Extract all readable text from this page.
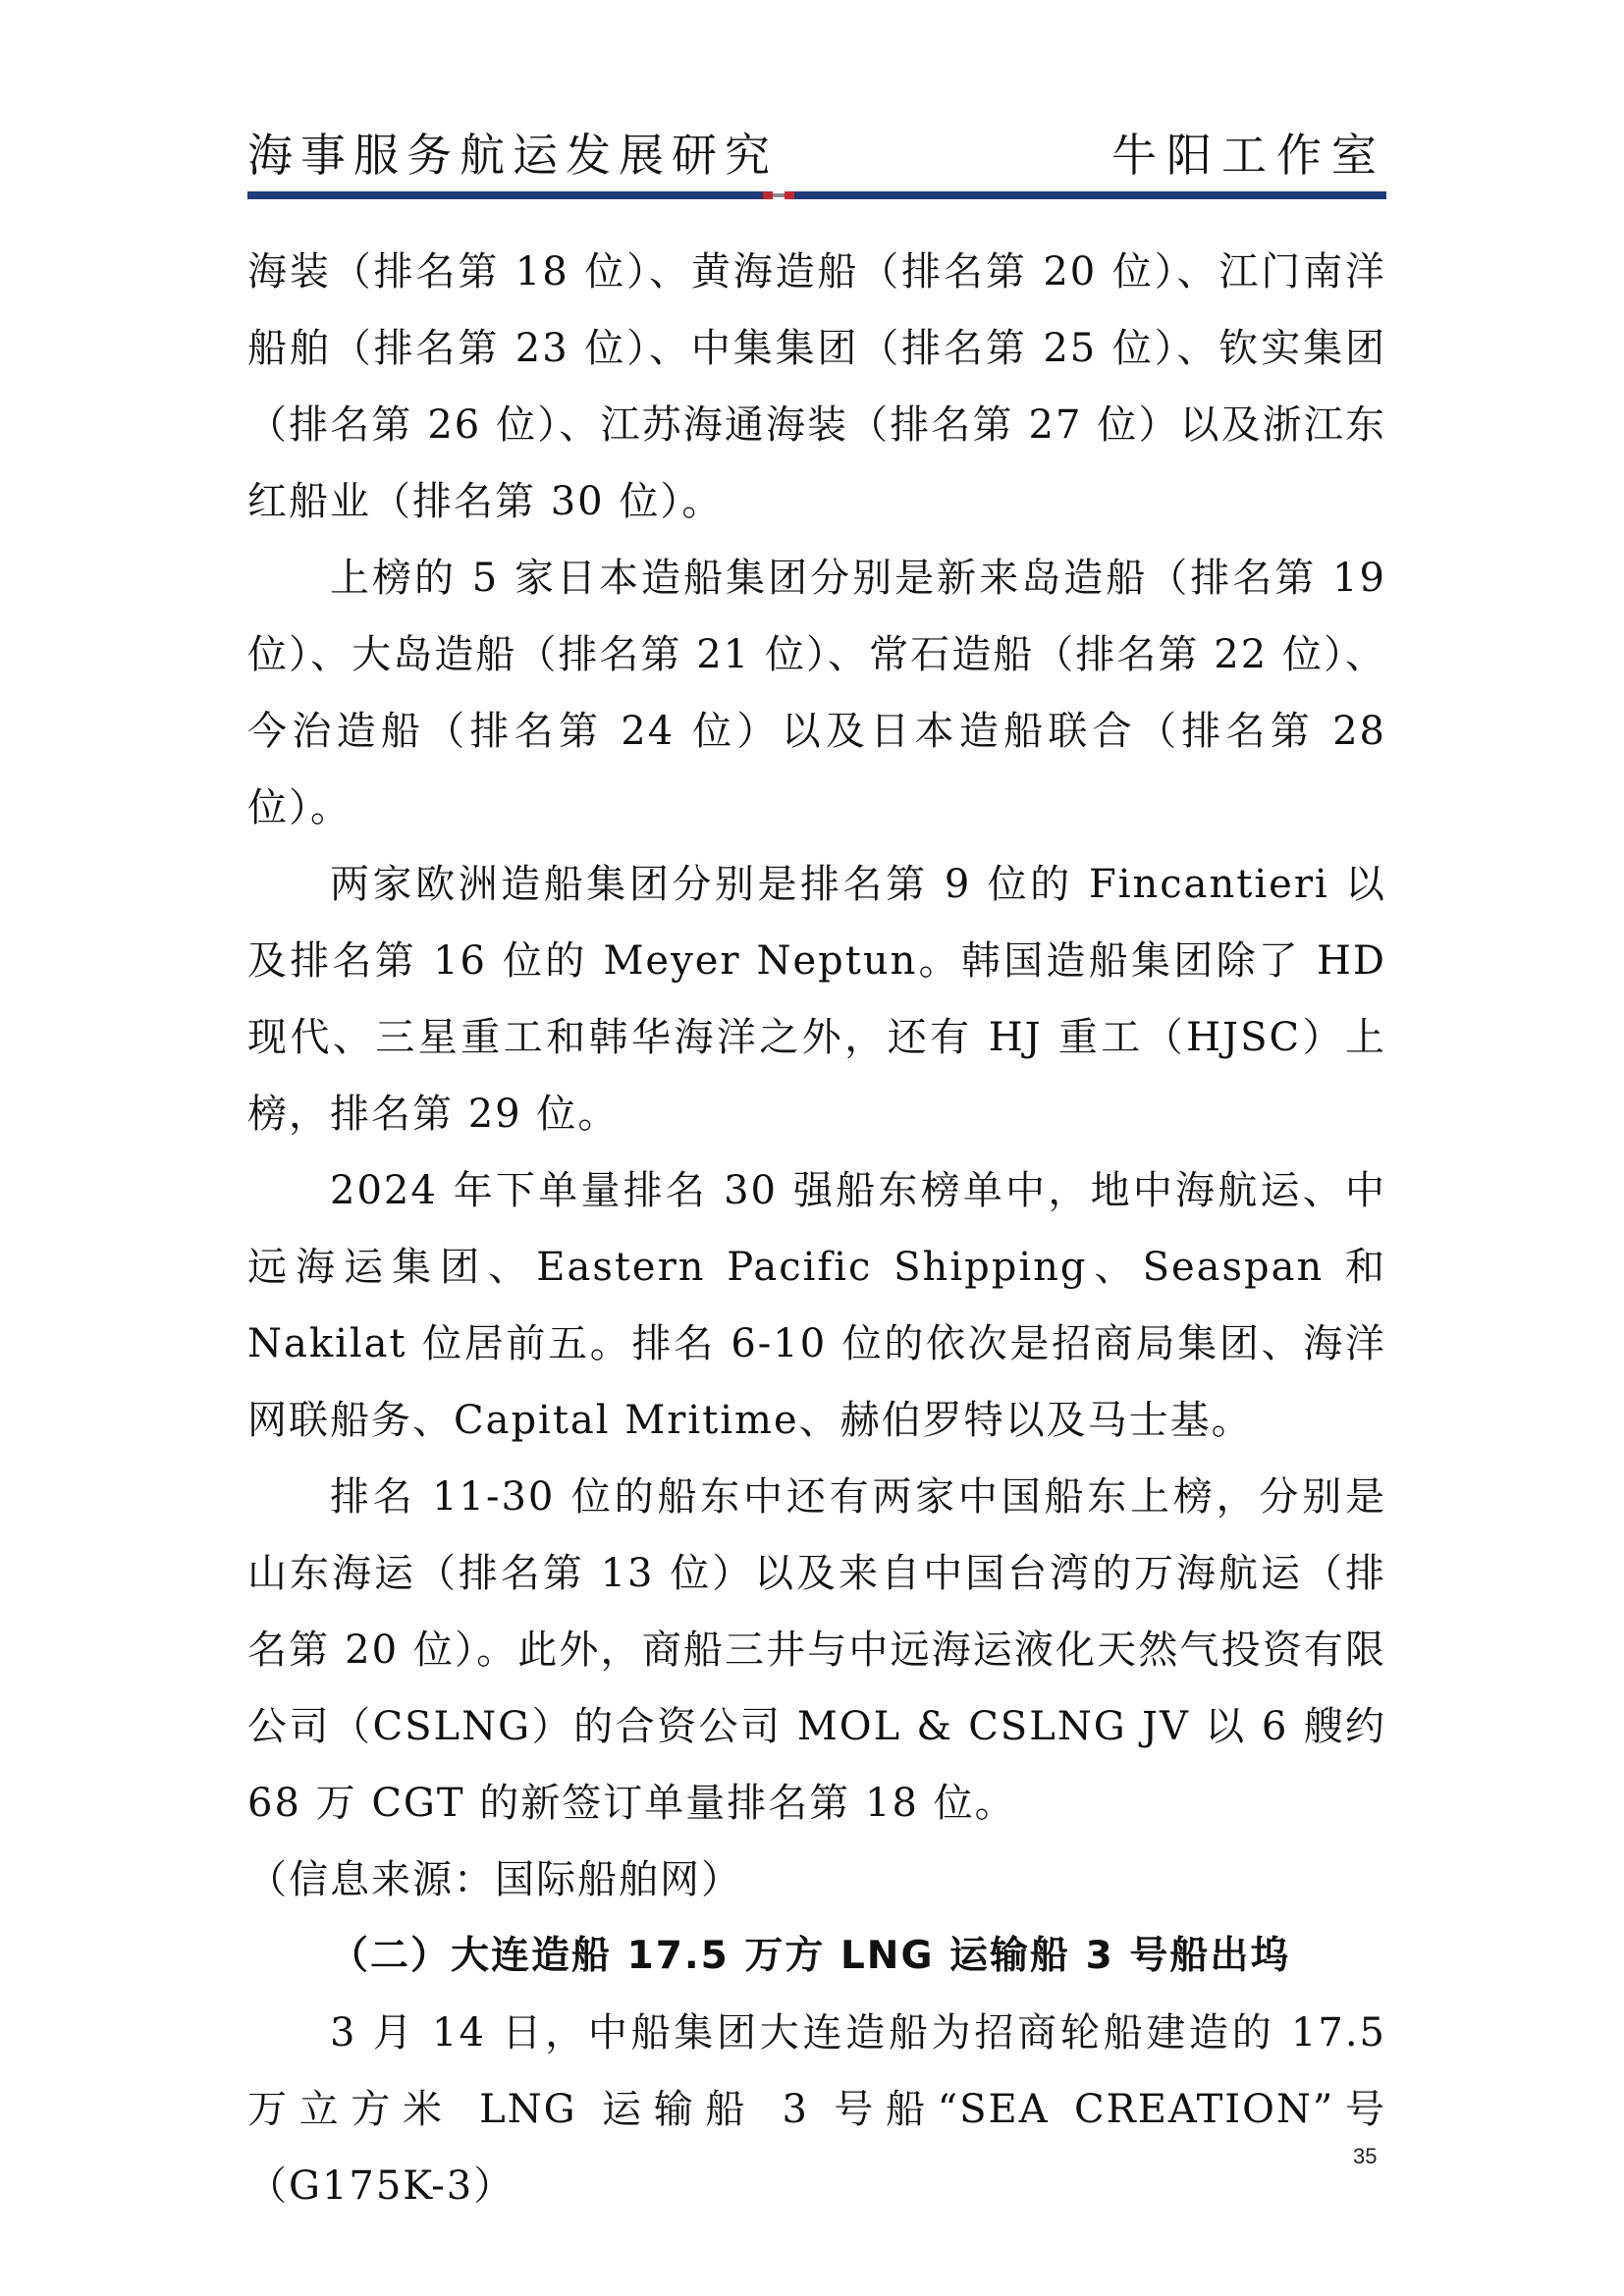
海事服务航运发展研究	牛阳工作室

海装（排名第 18 位）、黄海造船（排名第 20 位）、江门南洋船舶（排名第 23 位）、中集集团（排名第 25 位）、钦实集团（排名第 26 位）、江苏海通海装（排名第 27 位）以及浙江东红船业（排名第 30 位）。

上榜的 5 家日本造船集团分别是新来岛造船（排名第 19 位）、大岛造船（排名第 21 位）、常石造船（排名第 22 位）、今治造船（排名第 24 位）以及日本造船联合（排名第 28 位）。

两家欧洲造船集团分别是排名第 9 位的 Fincantieri 以及排名第 16 位的 Meyer Neptun。韩国造船集团除了 HD 现代、三星重工和韩华海洋之外，还有 HJ 重工（HJSC）上榜，排名第 29 位。

2024 年下单量排名 30 强船东榜单中，地中海航运、中远海运集团、Eastern Pacific Shipping、Seaspan 和 Nakilat 位居前五。排名 6-10 位的依次是招商局集团、海洋网联船务、Capital Mritime、赫伯罗特以及马士基。

排名 11-30 位的船东中还有两家中国船东上榜，分别是山东海运（排名第 13 位）以及来自中国台湾的万海航运（排名第 20 位）。此外，商船三井与中远海运液化天然气投资有限公司（CSLNG）的合资公司 MOL & CSLNG JV 以 6 艘约 68 万 CGT 的新签订单量排名第 18 位。

（信息来源：国际船舶网）

（二）大连造船 17.5 万方 LNG 运输船 3 号船出坞

3 月 14 日，中船集团大连造船为招商轮船建造的 17.5 万立方米 LNG 运输船 3 号船“SEA CREATION”号（G175K-3）

35
